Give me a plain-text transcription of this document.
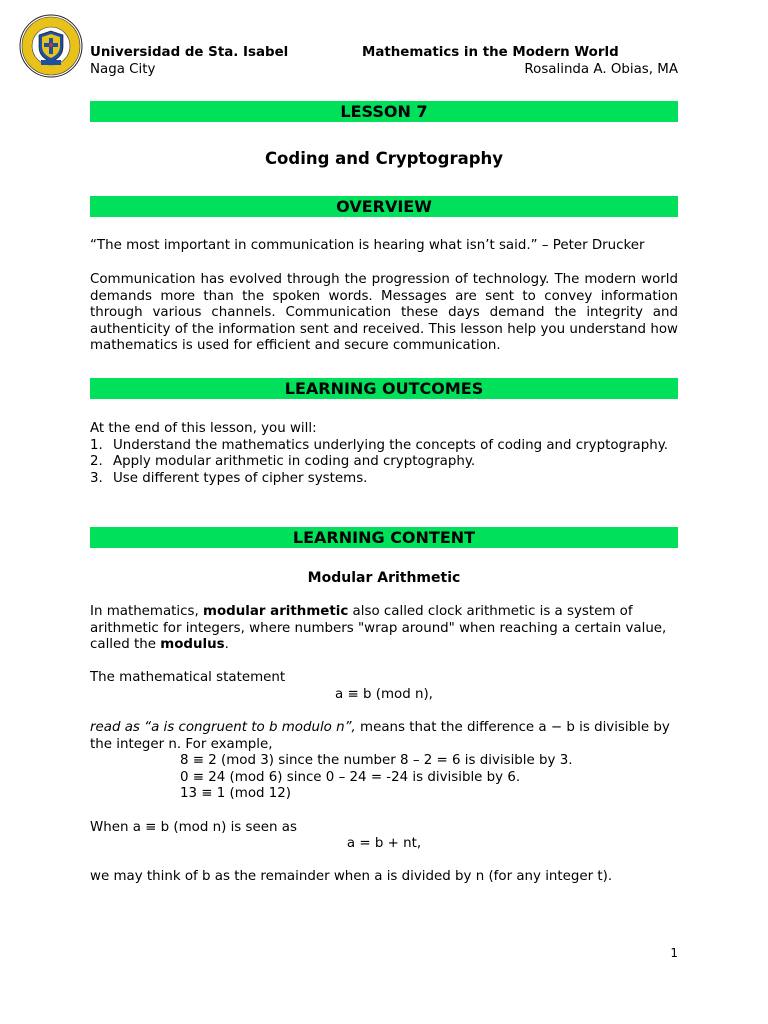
Universidad de Sta. Isabel
Naga City
Mathematics in the Modern World
Rosalinda A. Obias, MA
LESSON 7
Coding and Cryptography
OVERVIEW
“The most important in communication is hearing what isn’t said.” – Peter Drucker
Communication has evolved through the progression of technology. The modern world demands more than the spoken words. Messages are sent to convey information through various channels. Communication these days demand the integrity and authenticity of the information sent and received. This lesson help you understand how mathematics is used for efficient and secure communication.
LEARNING OUTCOMES
At the end of this lesson, you will:
1. Understand the mathematics underlying the concepts of coding and cryptography.
2. Apply modular arithmetic in coding and cryptography.
3. Use different types of cipher systems.
LEARNING CONTENT
Modular Arithmetic
In mathematics, modular arithmetic also called clock arithmetic is a system of arithmetic for integers, where numbers "wrap around" when reaching a certain value, called the modulus.
The mathematical statement
a ≡ b (mod n),
read as “a is congruent to b modulo n”, means that the difference a − b is divisible by the integer n. For example,
8 ≡ 2 (mod 3) since the number 8 – 2 = 6 is divisible by 3.
0 ≡ 24 (mod 6) since 0 – 24 = -24 is divisible by 6.
13 ≡ 1 (mod 12)
When a ≡ b (mod n) is seen as
a = b + nt,
we may think of b as the remainder when a is divided by n (for any integer t).
1
